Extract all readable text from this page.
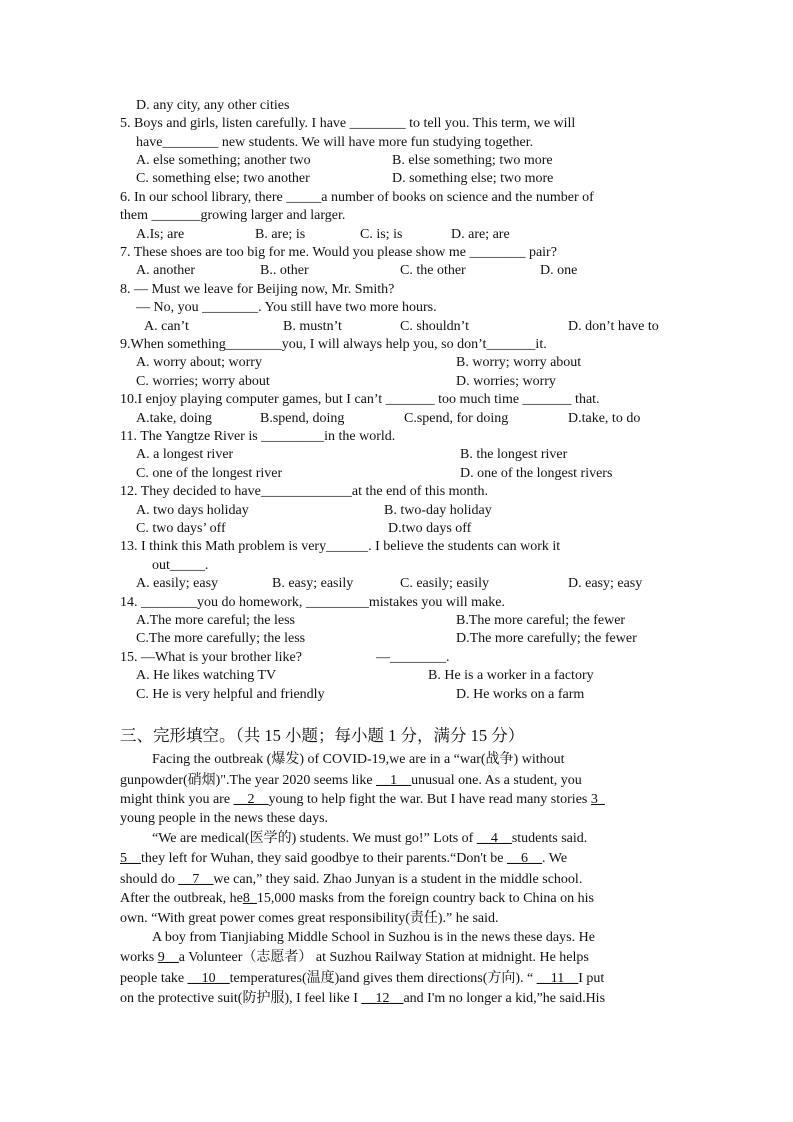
D. any city, any other cities
5. Boys and girls, listen carefully. I have ________ to tell you. This term, we will
have________ new students. We will have more fun studying together.
A. else something; another two	B. else something; two more
C. something else; two another	D. something else; two more
6. In our school library, there _____a number of books on science and the number of
them _______growing larger and larger.
A.Is; are	B. are; is	C. is; is	D. are; are
7. These shoes are too big for me. Would you please show me ________ pair?
A. another	B.. other	C. the other	D. one
8. — Must we leave for Beijing now, Mr. Smith?
— No, you ________. You still have two more hours.
A. can’t	B. mustn’t	C. shouldn’t	D. don’t have to
9.When something________you, I will always help you, so don’t_______it.
A. worry about; worry	B. worry; worry about
C. worries; worry about	D. worries; worry
10.I enjoy playing computer games, but I can’t _______ too much time _______ that.
A.take, doing	B.spend, doing	C.spend, for doing	D.take, to do
11. The Yangtze River is _________in the world.
A. a longest river	B. the longest river
C. one of the longest river	D. one of the longest rivers
12. They decided to have_____________at the end of this month.
A. two days holiday	B. two-day holiday
C. two days’ off	D.two days off
13. I think this Math problem is very______. I believe the students can work it
out_____.
A. easily; easy	B. easy; easily	C. easily; easily	D. easy; easy
14. ________you do homework, _________mistakes you will make.
A.The more careful; the less	B.The more careful; the fewer
C.The more carefully; the less	D.The more carefully; the fewer
15. —What is your brother like?	—________.
A. He likes watching TV	B. He is a worker in a factory
C. He is very helpful and friendly	D. He works on a farm
三、完形填空。（共 15 小题；每小题 1 分，满分 15 分）
Facing the outbreak (爆发) of COVID-19,we are in a “war(战争) without
gunpowder(硝烟)".The year 2020 seems like __1__unusual one. As a student, you
might think you are __2__young to help fight the war. But I have read many stories 3_
young people in the news these days.
“We are medical(医学的) students. We must go!” Lots of __4__students said.
5__they left for Wuhan, they said goodbye to their parents.“Don't be __6__. We
should do __7__we can,” they said. Zhao Junyan is a student in the middle school.
After the outbreak, he8_15,000 masks from the foreign country back to China on his
own. “With great power comes great responsibility(责任).” he said.
A boy from Tianjiabing Middle School in Suzhou is in the news these days. He
works 9__a Volunteer（志愿者） at Suzhou Railway Station at midnight. He helps
people take __10__temperatures(温度)and gives them directions(方向). “ __11__I put
on the protective suit(防护服), I feel like I __12__and I'm no longer a kid,”he said.His
